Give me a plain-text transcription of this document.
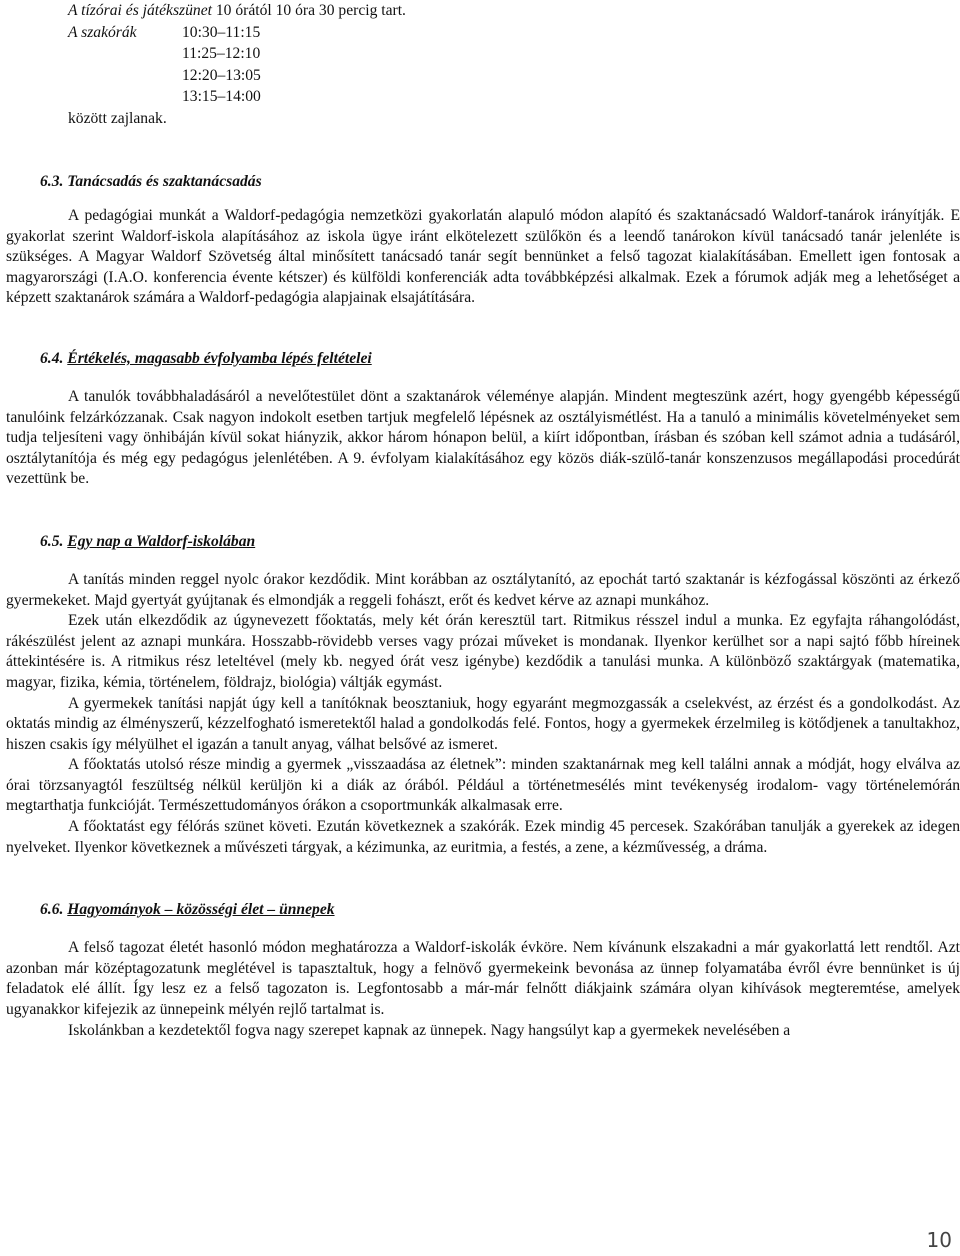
A tízórai és játékszünet 10 órától 10 óra 30 percig tart.
A szakórák	10:30–11:15
11:25–12:10
12:20–13:05
13:15–14:00
között zajlanak.

6.3. Tanácsadás és szaktanácsadás

A pedagógiai munkát a Waldorf-pedagógia nemzetközi gyakorlatán alapuló módon alapító és szaktanácsadó Waldorf-tanárok irányítják. E gyakorlat szerint Waldorf-iskola alapításához az iskola ügye iránt elkötelezett szülőkön és a leendő tanárokon kívül tanácsadó tanár jelenléte is szükséges. A Magyar Waldorf Szövetség által minősített tanácsadó tanár segít bennünket a felső tagozat kialakításában. Emellett igen fontosak a magyarországi (I.A.O. konferencia évente kétszer) és külföldi konferenciák adta továbbképzési alkalmak. Ezek a fórumok adják meg a lehetőséget a képzett szaktanárok számára a Waldorf-pedagógia alapjainak elsajátítására.

6.4. Értékelés, magasabb évfolyamba lépés feltételei

A tanulók továbbhaladásáról a nevelőtestület dönt a szaktanárok véleménye alapján. Mindent megteszünk azért, hogy gyengébb képességű tanulóink felzárkózzanak. Csak nagyon indokolt esetben tartjuk megfelelő lépésnek az osztályismétlést. Ha a tanuló a minimális követelményeket sem tudja teljesíteni vagy önhibáján kívül sokat hiányzik, akkor három hónapon belül, a kiírt időpontban, írásban és szóban kell számot adnia a tudásáról, osztálytanítója és még egy pedagógus jelenlétében. A 9. évfolyam kialakításához egy közös diák-szülő-tanár konszenzusos megállapodási procedúrát vezettünk be.

6.5. Egy nap a Waldorf-iskolában

A tanítás minden reggel nyolc órakor kezdődik. Mint korábban az osztálytanító, az epochát tartó szaktanár is kézfogással köszönti az érkező gyermekeket. Majd gyertyát gyújtanak és elmondják a reggeli fohászt, erőt és kedvet kérve az aznapi munkához.

Ezek után elkezdődik az úgynevezett főoktatás, mely két órán keresztül tart. Ritmikus résszel indul a munka. Ez egyfajta ráhangolódást, rákészülést jelent az aznapi munkára. Hosszabb-rövidebb verses vagy prózai műveket is mondanak. Ilyenkor kerülhet sor a napi sajtó főbb híreinek áttekintésére is. A ritmikus rész leteltével (mely kb. negyed órát vesz igénybe) kezdődik a tanulási munka. A különböző szaktárgyak (matematika, magyar, fizika, kémia, történelem, földrajz, biológia) váltják egymást.

A gyermekek tanítási napját úgy kell a tanítóknak beosztaniuk, hogy egyaránt megmozgassák a cselekvést, az érzést és a gondolkodást. Az oktatás mindig az élményszerű, kézzelfogható ismeretektől halad a gondolkodás felé. Fontos, hogy a gyermekek érzelmileg is kötődjenek a tanultakhoz, hiszen csakis így mélyülhet el igazán a tanult anyag, válhat belsővé az ismeret.

A főoktatás utolsó része mindig a gyermek „visszaadása az életnek”: minden szaktanárnak meg kell találni annak a módját, hogy elválva az órai törzsanyagtól feszültség nélkül kerüljön ki a diák az órából. Például a történetmesélés mint tevékenység irodalom- vagy történelemórán megtarthatja funkcióját. Természettudományos órákon a csoportmunkák alkalmasak erre.

A főoktatást egy félórás szünet követi. Ezután következnek a szakórák. Ezek mindig 45 percesek. Szakórában tanulják a gyerekek az idegen nyelveket. Ilyenkor következnek a művészeti tárgyak, a kézimunka, az euritmia, a festés, a zene, a kézművesség, a dráma.

6.6. Hagyományok – közösségi élet – ünnepek

A felső tagozat életét hasonló módon meghatározza a Waldorf-iskolák évköre. Nem kívánunk elszakadni a már gyakorlattá lett rendtől. Azt azonban már középtagozatunk meglétével is tapasztaltuk, hogy a felnövő gyermekeink bevonása az ünnep folyamatába évről évre bennünket is új feladatok elé állít. Így lesz ez a felső tagozaton is. Legfontosabb a már-már felnőtt diákjaink számára olyan kihívások megteremtése, amelyek ugyanakkor kifejezik az ünnepeink mélyén rejlő tartalmat is.

Iskolánkban a kezdetektől fogva nagy szerepet kapnak az ünnepek. Nagy hangsúlyt kap a gyermekek nevelésében a

10
